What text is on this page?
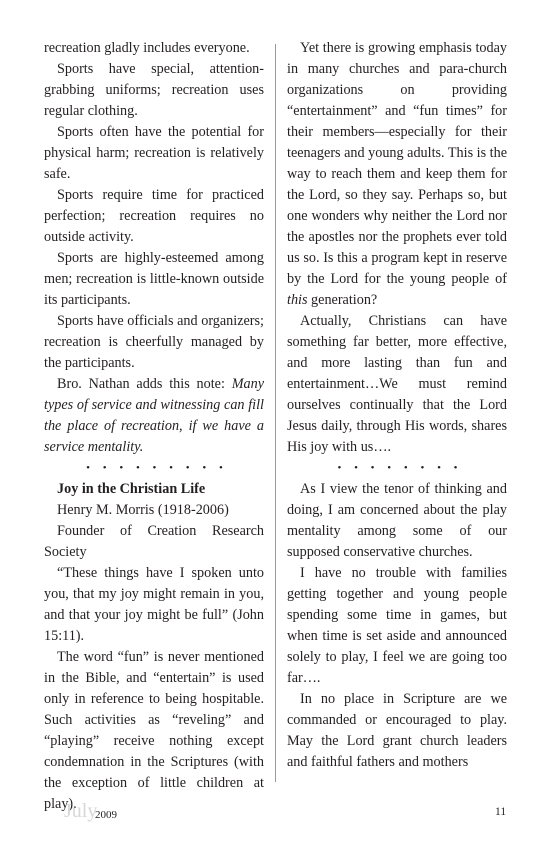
recreation gladly includes everyone.

Sports have special, attention-grabbing uniforms; recreation uses regular clothing.

Sports often have the potential for physical harm; recreation is relatively safe.

Sports require time for practiced perfection; recreation requires no outside activity.

Sports are highly-esteemed among men; recreation is little-known outside its participants.

Sports have officials and organizers; recreation is cheerfully managed by the participants.

Bro. Nathan adds this note: Many types of service and witnessing can fill the place of recreation, if we have a service mentality.

• • • • • • • • •

Joy in the Christian Life

Henry M. Morris (1918-2006)

Founder of Creation Research Society

“These things have I spoken unto you, that my joy might remain in you, and that your joy might be full” (John 15:11).

The word “fun” is never mentioned in the Bible, and “entertain” is used only in reference to being hospitable. Such activities as “reveling” and “playing” receive nothing except condemnation in the Scriptures (with the exception of little children at play).

Yet there is growing emphasis today in many churches and para-church organizations on providing “entertainment” and “fun times” for their members—especially for their teenagers and young adults. This is the way to reach them and keep them for the Lord, so they say. Perhaps so, but one wonders why neither the Lord nor the apostles nor the prophets ever told us so. Is this a program kept in reserve by the Lord for the young people of this generation?

Actually, Christians can have something far better, more effective, and more lasting than fun and entertainment…We must remind ourselves continually that the Lord Jesus daily, through His words, shares His joy with us….

• • • • • • • •

As I view the tenor of thinking and doing, I am concerned about the play mentality among some of our supposed conservative churches.

I have no trouble with families getting together and young people spending some time in games, but when time is set aside and announced solely to play, I feel we are going too far….

In no place in Scripture are we commanded or encouraged to play. May the Lord grant church leaders and faithful fathers and mothers

July
2009	11
